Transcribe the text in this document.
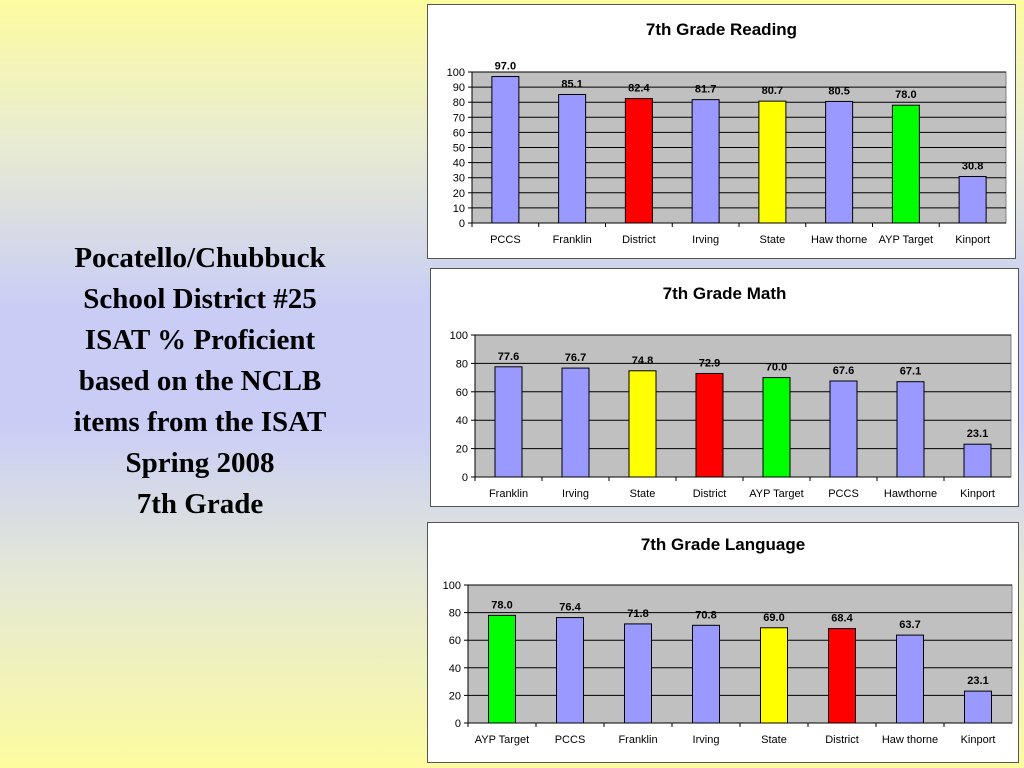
Pocatello/Chubbuck
School District #25
ISAT % Proficient
based on the NCLB
items from the ISAT
Spring 2008
7th Grade
7th Grade Reading
0
10
20
30
40
50
60
70
80
90
100
97.0
PCCS
85.1
Franklin
82.4
District
81.7
Irving
80.7
State
80.5
Haw thorne
78.0
AYP Target
30.8
Kinport
7th Grade Math
0
20
40
60
80
100
77.6
Franklin
76.7
Irving
74.8
State
72.9
District
70.0
AYP Target
67.6
PCCS
67.1
Hawthorne
23.1
Kinport
7th Grade Language
0
20
40
60
80
100
78.0
AYP Target
76.4
PCCS
71.8
Franklin
70.8
Irving
69.0
State
68.4
District
63.7
Haw thorne
23.1
Kinport
